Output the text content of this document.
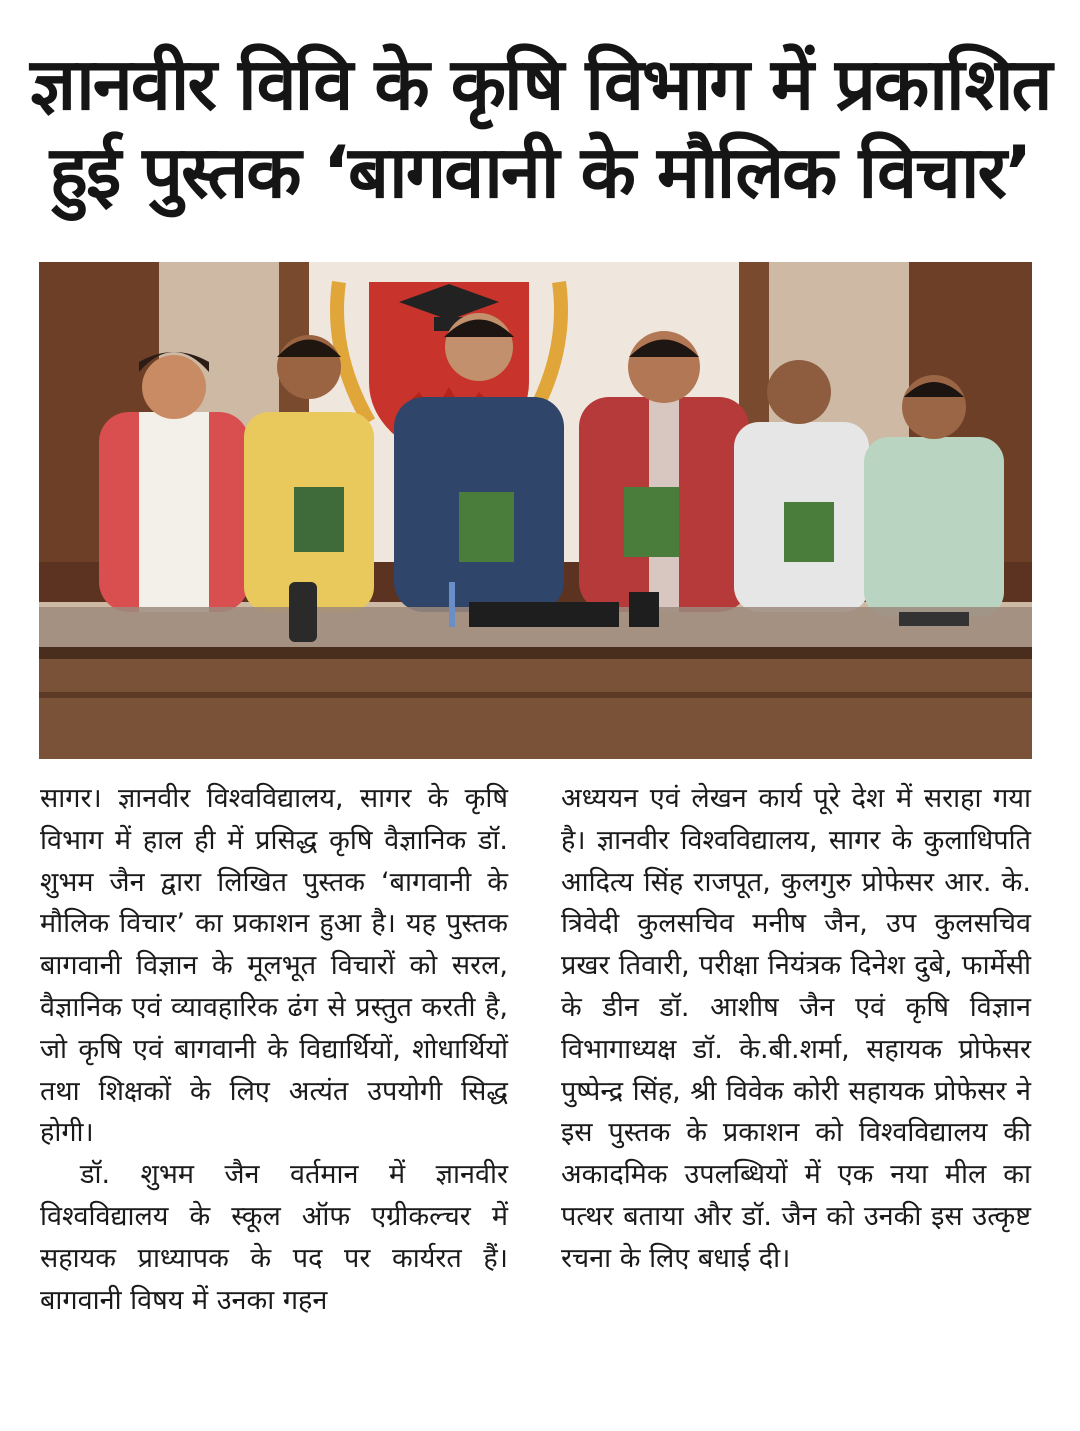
ज्ञानवीर विवि के कृषि विभाग में प्रकाशित
हुई पुस्तक ‘बागवानी के मौलिक विचार’

सागर। ज्ञानवीर विश्वविद्यालय, सागर के कृषि विभाग में हाल ही में प्रसिद्ध कृषि वैज्ञानिक डॉ. शुभम जैन द्वारा लिखित पुस्तक ‘बागवानी के मौलिक विचार’ का प्रकाशन हुआ है। यह पुस्तक बागवानी विज्ञान के मूलभूत विचारों को सरल, वैज्ञानिक एवं व्यावहारिक ढंग से प्रस्तुत करती है, जो कृषि एवं बागवानी के विद्यार्थियों, शोधार्थियों तथा शिक्षकों के लिए अत्यंत उपयोगी सिद्ध होगी।

डॉ. शुभम जैन वर्तमान में ज्ञानवीर विश्वविद्यालय के स्कूल ऑफ एग्रीकल्चर में सहायक प्राध्यापक के पद पर कार्यरत हैं। बागवानी विषय में उनका गहन

अध्ययन एवं लेखन कार्य पूरे देश में सराहा गया है। ज्ञानवीर विश्वविद्यालय, सागर के कुलाधिपति आदित्य सिंह राजपूत, कुलगुरु प्रोफेसर आर. के. त्रिवेदी कुलसचिव मनीष जैन, उप कुलसचिव प्रखर तिवारी, परीक्षा नियंत्रक दिनेश दुबे, फार्मेसी के डीन डॉ. आशीष जैन एवं कृषि विज्ञान विभागाध्यक्ष डॉ. के.बी.शर्मा, सहायक प्रोफेसर पुष्पेन्द्र सिंह, श्री विवेक कोरी सहायक प्रोफेसर ने इस पुस्तक के प्रकाशन को विश्वविद्यालय की अकादमिक उपलब्धियों में एक नया मील का पत्थर बताया और डॉ. जैन को उनकी इस उत्कृष्ट रचना के लिए बधाई दी।
